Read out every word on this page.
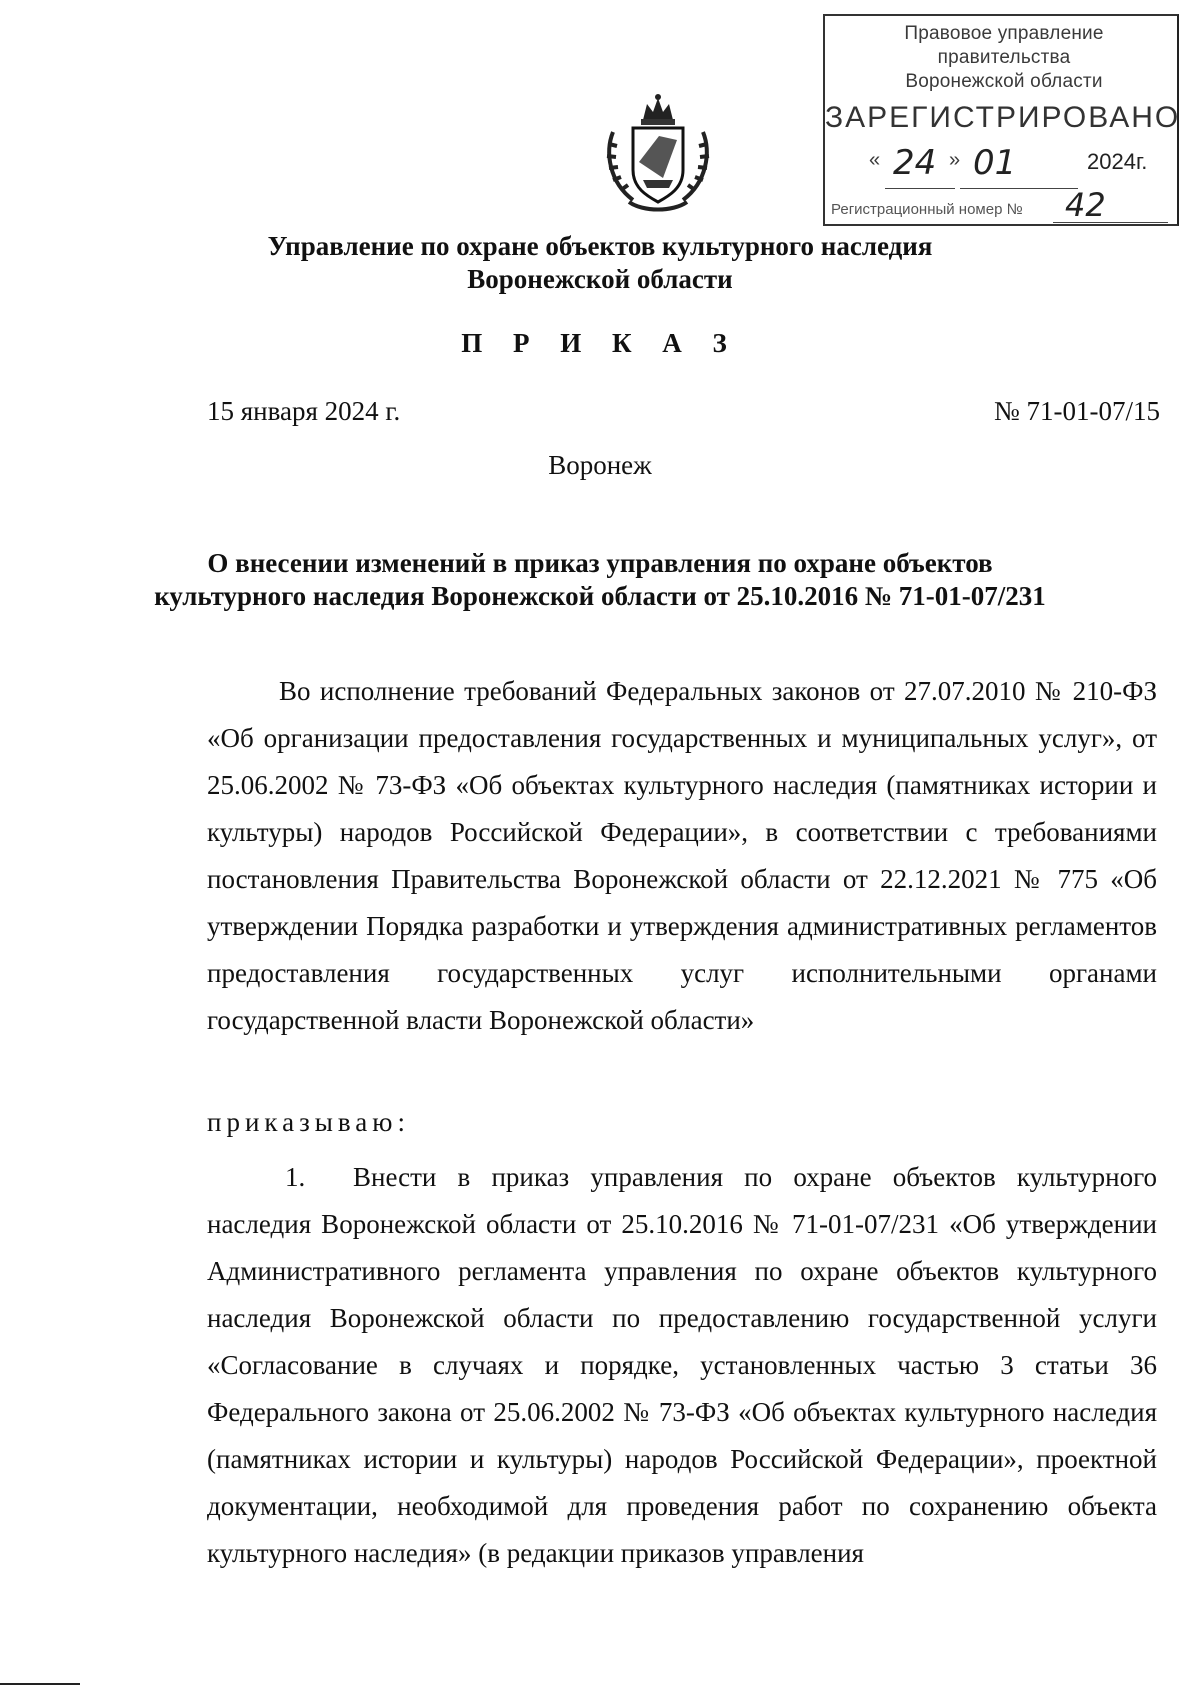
Правовое управление правительства
Воронежской области
ЗАРЕГИСТРИРОВАНО
« 24 » 01	2024г.
Регистрационный номер № 42
Управление по охране объектов культурного наследия
Воронежской области
П Р И К А З
15 января 2024 г.	№ 71-01-07/15
Воронеж
О внесении изменений в приказ управления по охране объектов
культурного наследия Воронежской области от 25.10.2016 № 71-01-07/231
Во исполнение требований Федеральных законов от 27.07.2010 № 210-ФЗ «Об организации предоставления государственных и муниципальных услуг», от 25.06.2002 № 73-ФЗ «Об объектах культурного наследия (памятниках истории и культуры) народов Российской Федерации», в соответствии с требованиями постановления Правительства Воронежской области от 22.12.2021 № 775 «Об утверждении Порядка разработки и утверждения административных регламентов предоставления государственных услуг исполнительными органами государственной власти Воронежской области»
приказываю:
1. Внести в приказ управления по охране объектов культурного наследия Воронежской области от 25.10.2016 № 71-01-07/231 «Об утверждении Административного регламента управления по охране объектов культурного наследия Воронежской области по предоставлению государственной услуги «Согласование в случаях и порядке, установленных частью 3 статьи 36 Федерального закона от 25.06.2002 № 73-ФЗ «Об объектах культурного наследия (памятниках истории и культуры) народов Российской Федерации», проектной документации, необходимой для проведения работ по сохранению объекта культурного наследия» (в редакции приказов управления
